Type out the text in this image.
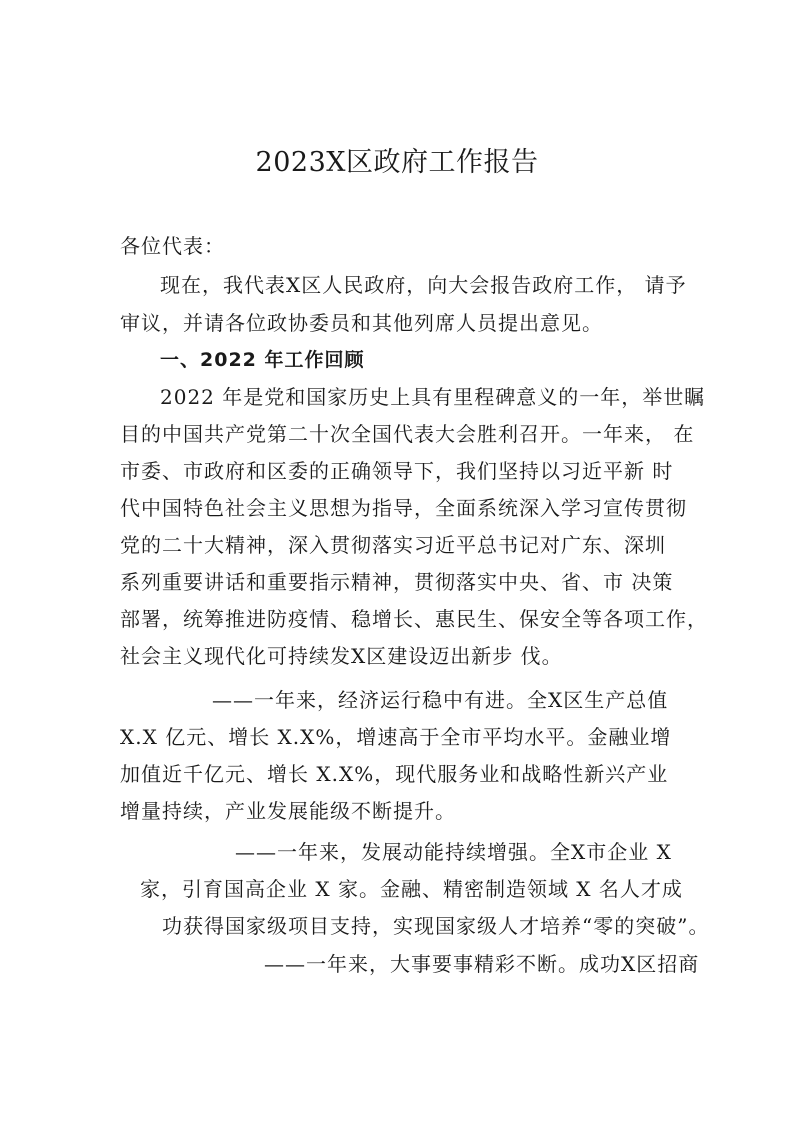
2023X区政府工作报告
各位代表：
现在，我代表X区人民政府，向大会报告政府工作， 请予
审议，并请各位政协委员和其他列席人员提出意见。
一、2022 年工作回顾
2022 年是党和国家历史上具有里程碑意义的一年，举世瞩
目的中国共产党第二十次全国代表大会胜利召开。一年来， 在
市委、市政府和区委的正确领导下，我们坚持以习近平新 时
代中国特色社会主义思想为指导，全面系统深入学习宣传贯彻
党的二十大精神，深入贯彻落实习近平总书记对广东、深圳
系列重要讲话和重要指示精神，贯彻落实中央、省、市 决策
部署，统筹推进防疫情、稳增长、惠民生、保安全等各项工作，
社会主义现代化可持续发X区建设迈出新步 伐。
——一年来，经济运行稳中有进。全X区生产总值
X.X 亿元、增长 X.X%，增速高于全市平均水平。金融业增
加值近千亿元、增长 X.X%，现代服务业和战略性新兴产业
增量持续，产业发展能级不断提升。
——一年来，发展动能持续增强。全X市企业 X
家，引育国高企业 X 家。金融、精密制造领域 X 名人才成
功获得国家级项目支持，实现国家级人才培养“零的突破”。
——一年来，大事要事精彩不断。成功X区招商
